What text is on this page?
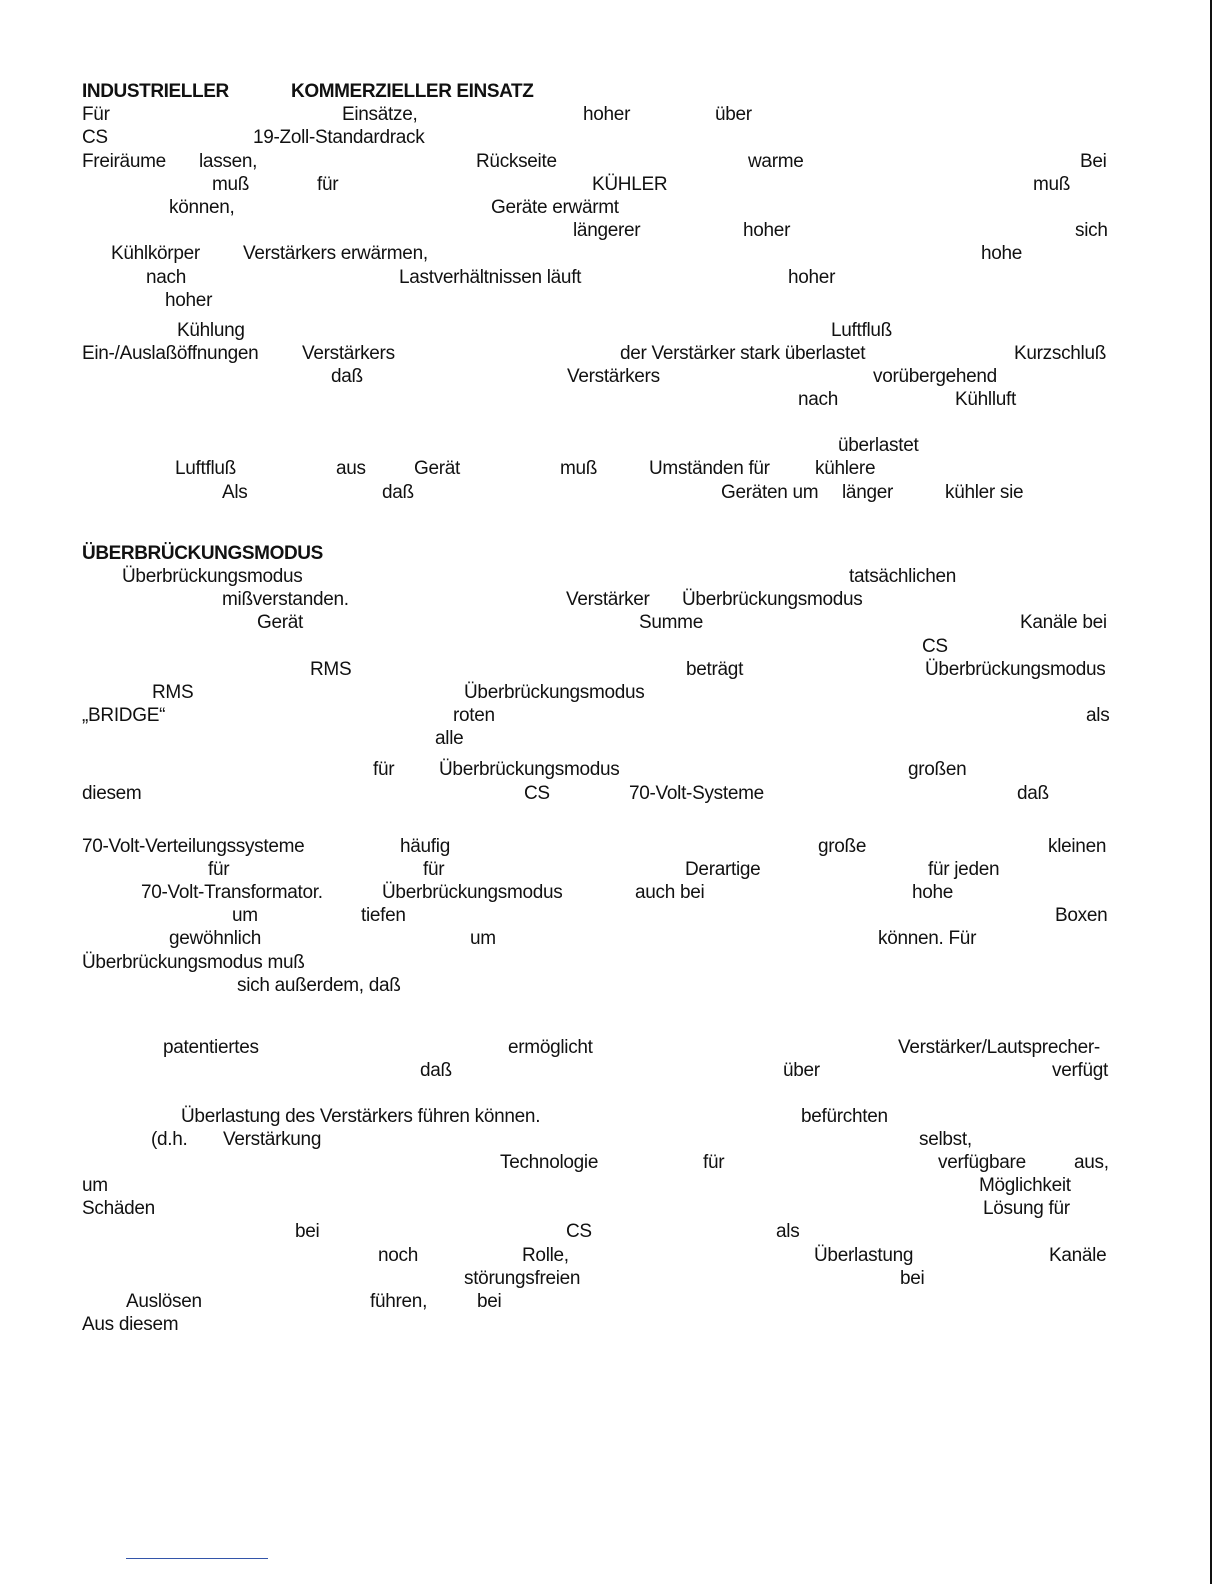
INDUSTRIELLER	KOMMERZIELLER EINSATZ
Für	Einsätze,	hoher	über
CS	19-Zoll-Standardrack
Freiräume lassen,	Rückseite	warme	Bei
muß	für	KÜHLER	muß
können,	Geräte erwärmt
längerer	hoher	sich
Kühlkörper Verstärkers erwärmen,	hohe
nach	Lastverhältnissen läuft	hoher
hoher
Kühlung	Luftfluß
Ein-/Auslaßöffnungen Verstärkers	der Verstärker stark überlastet	Kurzschluß
daß	Verstärkers	vorübergehend
nach	Kühlluft
überlastet
Luftfluß	aus	Gerät	muß	Umständen für kühlere
Als	daß	Geräten um länger	kühler sie
ÜBERBRÜCKUNGSMODUS
Überbrückungsmodus	tatsächlichen
mißverstanden.	Verstärker Überbrückungsmodus
Gerät	Summe	Kanäle bei
CS
RMS	beträgt	Überbrückungsmodus
RMS	Überbrückungsmodus
„BRIDGE“	roten	als
alle
für Überbrückungsmodus	großen
diesem	CS	70-Volt-Systeme	daß
70-Volt-Verteilungssysteme	häufig	große	kleinen
für	für	Derartige	für jeden
70-Volt-Transformator.	Überbrückungsmodus	auch bei	hohe
um	tiefen	Boxen
gewöhnlich	um	können. Für
Überbrückungsmodus muß
sich außerdem, daß
patentiertes	ermöglicht	Verstärker/Lautsprecher-
daß	über	verfügt
Überlastung des Verstärkers führen können.	befürchten
(d.h. Verstärkung	selbst,
Technologie	für	verfügbare	aus,
um	Möglichkeit
Schäden	Lösung für
bei	CS	als
noch	Rolle,	Überlastung	Kanäle
störungsfreien	bei
Auslösen	führen,	bei
Aus diesem
